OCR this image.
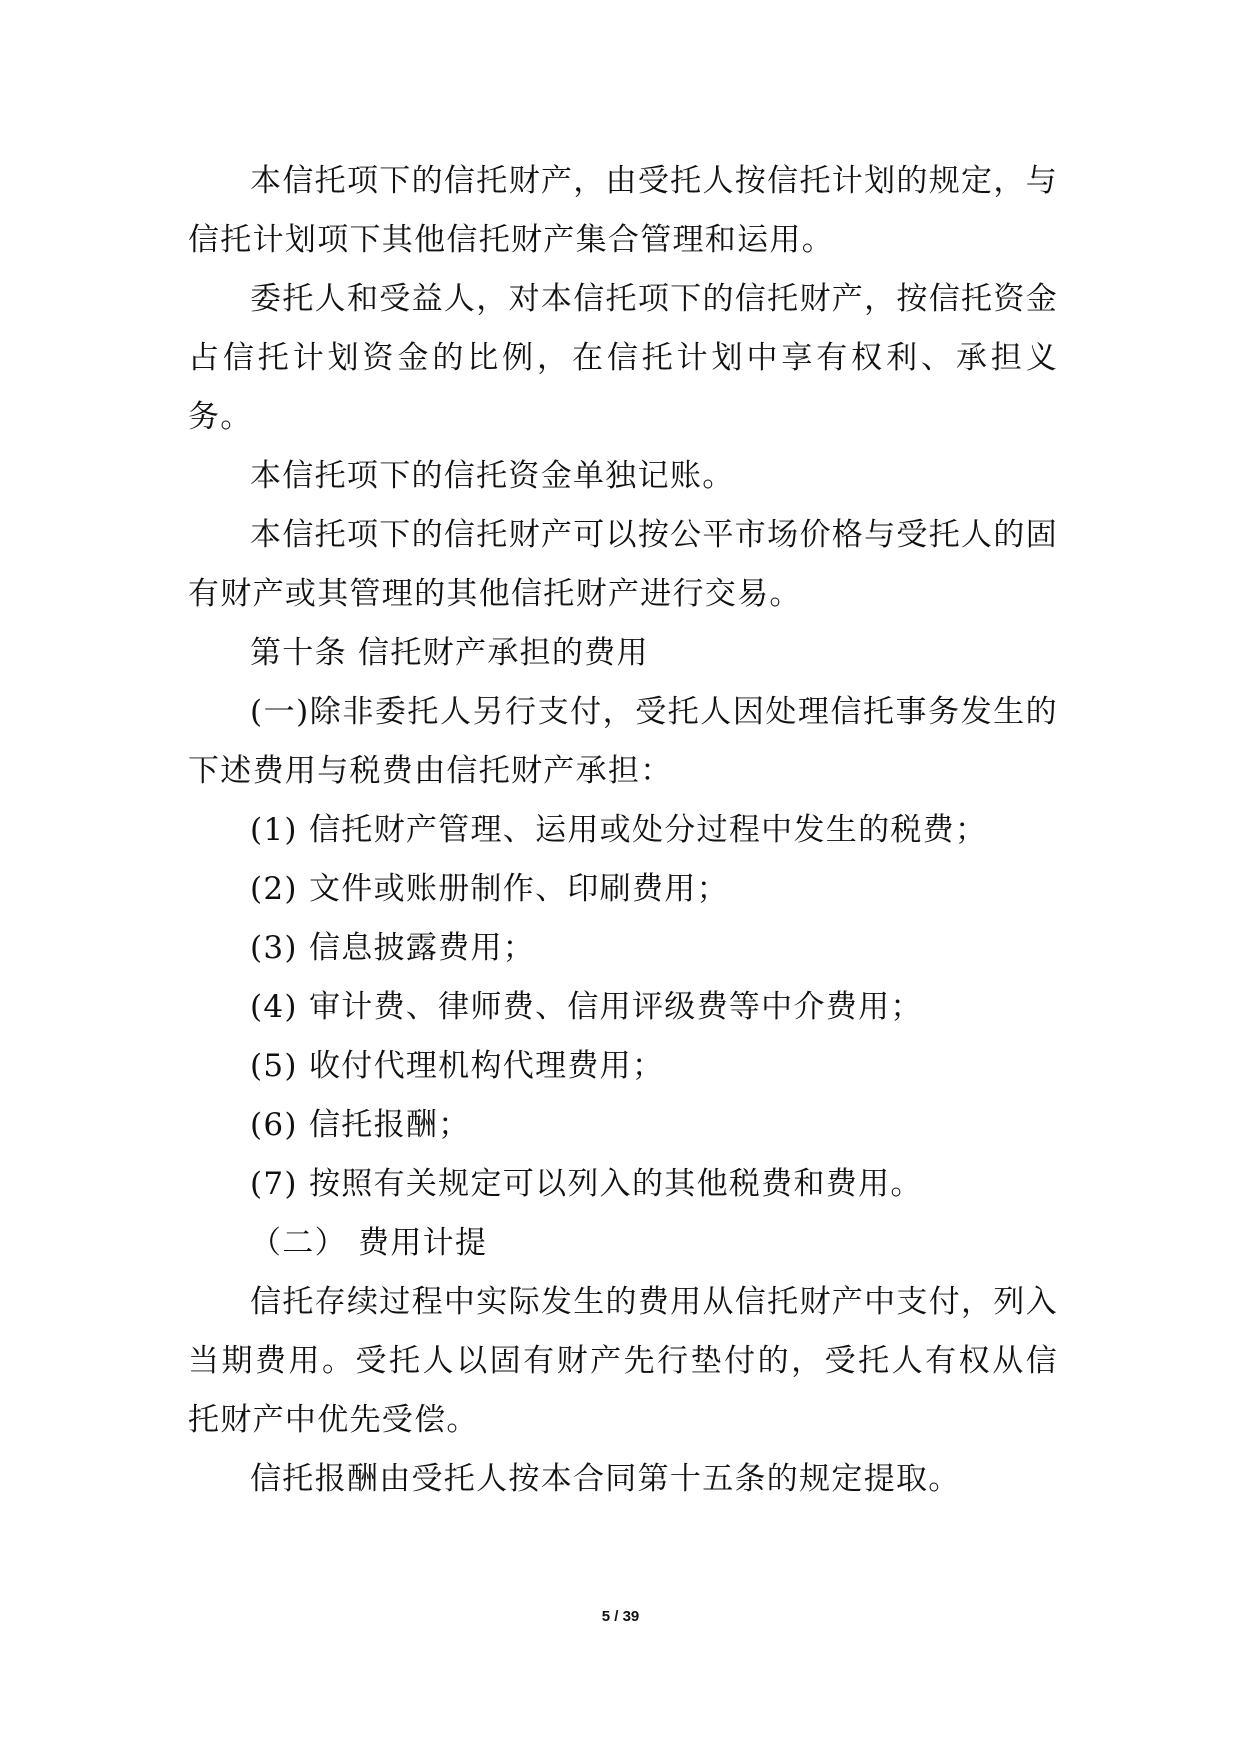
本信托项下的信托财产，由受托人按信托计划的规定，与信托计划项下其他信托财产集合管理和运用。

委托人和受益人，对本信托项下的信托财产，按信托资金占信托计划资金的比例，在信托计划中享有权利、承担义务。

本信托项下的信托资金单独记账。

本信托项下的信托财产可以按公平市场价格与受托人的固有财产或其管理的其他信托财产进行交易。

第十条 信托财产承担的费用

(一)除非委托人另行支付，受托人因处理信托事务发生的下述费用与税费由信托财产承担：

(1) 信托财产管理、运用或处分过程中发生的税费；

(2) 文件或账册制作、印刷费用；

(3) 信息披露费用；

(4) 审计费、律师费、信用评级费等中介费用；

(5) 收付代理机构代理费用；

(6) 信托报酬；

(7) 按照有关规定可以列入的其他税费和费用。

（二） 费用计提

信托存续过程中实际发生的费用从信托财产中支付，列入当期费用。受托人以固有财产先行垫付的，受托人有权从信托财产中优先受偿。

信托报酬由受托人按本合同第十五条的规定提取。

5 / 39
